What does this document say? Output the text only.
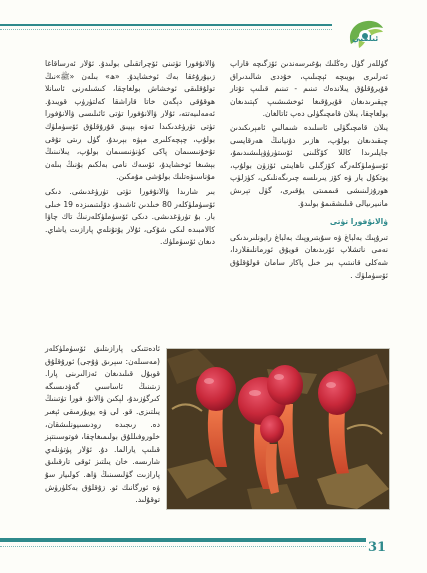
ئىلمىي

گۈللەر گۈل رەڭلىك بۇغىرسەندىن ئۆزگىچە قاراپ ئەرلىرى بويىچە ئېچىلىپ، خۇددى شالىدىراق قۇيرۇقلۇق يىلاندەك تىنىم - تىنىم قىلىپ تۇتار چېقىرىدىغان قۇيرۇقىغا ئوخشىشىپ كېتىدىغان بولغاچقا، يىلان قامچىگۈلى دەپ ئاتالغان.

يىلان قامچىگۈلى ئاسلىدە شىمالىي ئامېرىكىدىن چىقىدىغان بولۇپ، ھازىر دۇنيانىڭ ھەرقايسى جايلىرىدا كاللا كۆڭلىنى ئۆستۈرۈۋېلىشىدىمۇ، ئۆسۈملۈكلەرگە كۆزگىلى ناھايىتى ئۆزۈن بولۇپ، يوتكۇل يار ۋە كۆز يىرىلسە چىرىگەنلىكى، كۈزلۈپ ھورۇزلىنىشى قىممىتى يۇقىرى، گۈل تېرىش مانىيرىيالى قىلىشقىمۇ بولىدۇ.

ۋالانۇفورا تۈتى

تىرۇپىك بەلباغ ۋە سۇبتىروپىك بەلباغ رايونلىرىدىكى نەمى ناتشلاپ ئۆرىدىغان قويۇق ئورمانلىقلاردا، شەكلى قانىتىپ بىر خىل پاكار سامان قولۇقلۇق ئۆسۈملۈك .

ۋالانۇفورا تۈتىنى ئۆچراتقىلى بولىدۇ. ئۇلار ئەرساقاغا زىيۇرۇغقا بەك ئوخشايدۇ. «ھ» بىلەن «ﷺ»نىڭ تولۇقلىقى ئوخشاش بولغاچقا، كىشىلەرنى ئاسانلا ھوقۇقى دېگەن خاتا قاراشقا كەلتۈرۈپ قويىدۇ. ئەمەلىيەتتە، ئۇلار ۋالانۇفورا تۈتى ئائىلىسى ۋالانۇفورا تۈتى تۈرۈغدىكىدا تەۋە بېيىق قۇرۇقلۇق ئۆسۈملۈك بولۇپ، چېچەكلىرى مېۋە بېرىدۇ، گۈل رىتى تۇقى تۇخۇنىسىمان پاكى كۈنۈنىسىمان بولۇپ، يىلانىنىڭ بېشىغا ئوخشايدۇ، ئۆسەك نامى بەلكىم بۇنىڭ بىلەن مۇناسىۋەتلىك بولۇشى مۇمكىن.

بىر شارىدا ۋالانۇفورا تۈتى تۈرۈغدىشى. دىكى ئۆسۈملۈكلەر 80 خىلدىن ئاشىدۇ، دۆلىتىمىزدە 19 خىلى بار. بۇ تۈرۈغدىشى. دىكى ئۆسۈملۈكلەرنىڭ تاك چاۋا كالامبىدە لىكى شۇكى، ئۇلار يۇتۇنلەي پارازىت ياشاي. دىغان ئۆسۈملۈك.

ئادەتتىكى پارازىتلىق ئۆسۈملۈكلەر (مەسىلەن: سېرىق ۋۇجى) ئورۇقلۇق قوبۇل قىلىدىغان ئەزالىرىنى پارا. زىتىنىڭ ئاساسىي گەۋدىسىگە كىرگۈزىدۇ، لېكىن ۋالانۇ. فورا تۈتىنىڭ يىلتىزى. قو. لى ۋە يويۇرمىقى ئېغىر دە. رىجىدە رودىسىيونلىشقان، خلوروفىللۇق بولىمىغاچقا، فوتوسىنتېز قىلىپ يارالما. دۇ. ئۇلار پۈتۈنلەي شارىسە. خان يىلتىز ئوقى تارقىلىق پارازىت گۈلىسىنىڭ ۋاھ. كولىيار سۇ ۋە ئورگانىك ئو. زۇقلۇق بەكلۈرۈش توقۇلىد.

31
